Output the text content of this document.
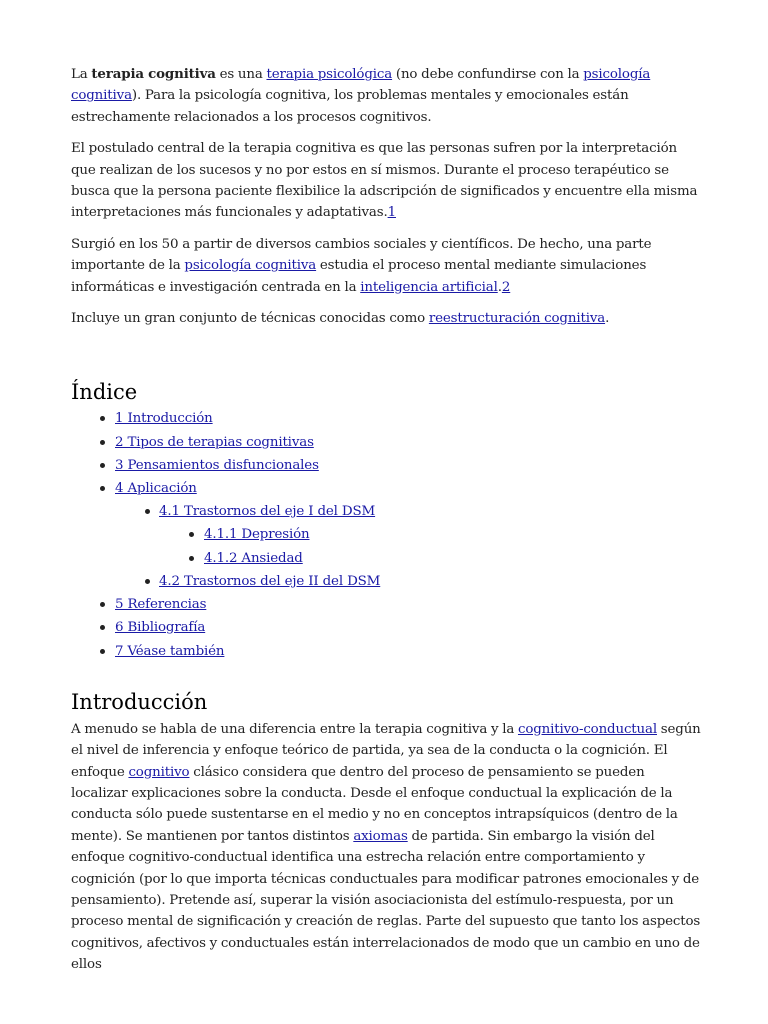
La terapia cognitiva es una terapia psicológica (no debe confundirse con la psicología cognitiva). Para la psicología cognitiva, los problemas mentales y emocionales están estrechamente relacionados a los procesos cognitivos.

El postulado central de la terapia cognitiva es que las personas sufren por la interpretación que realizan de los sucesos y no por estos en sí mismos. Durante el proceso terapéutico se busca que la persona paciente flexibilice la adscripción de significados y encuentre ella misma interpretaciones más funcionales y adaptativas.1

Surgió en los 50 a partir de diversos cambios sociales y científicos. De hecho, una parte importante de la psicología cognitiva estudia el proceso mental mediante simulaciones informáticas e investigación centrada en la inteligencia artificial.2

Incluye un gran conjunto de técnicas conocidas como reestructuración cognitiva.

Índice
1 Introducción
2 Tipos de terapias cognitivas
3 Pensamientos disfuncionales
4 Aplicación
4.1 Trastornos del eje I del DSM
4.1.1 Depresión
4.1.2 Ansiedad
4.2 Trastornos del eje II del DSM
5 Referencias
6 Bibliografía
7 Véase también
Introducción

A menudo se habla de una diferencia entre la terapia cognitiva y la cognitivo-conductual según el nivel de inferencia y enfoque teórico de partida, ya sea de la conducta o la cognición. El enfoque cognitivo clásico considera que dentro del proceso de pensamiento se pueden localizar explicaciones sobre la conducta. Desde el enfoque conductual la explicación de la conducta sólo puede sustentarse en el medio y no en conceptos intrapsíquicos (dentro de la mente). Se mantienen por tantos distintos axiomas de partida. Sin embargo la visión del enfoque cognitivo-conductual identifica una estrecha relación entre comportamiento y cognición (por lo que importa técnicas conductuales para modificar patrones emocionales y de pensamiento). Pretende así, superar la visión asociacionista del estímulo-respuesta, por un proceso mental de significación y creación de reglas. Parte del supuesto que tanto los aspectos cognitivos, afectivos y conductuales están interrelacionados de modo que un cambio en uno de ellos
